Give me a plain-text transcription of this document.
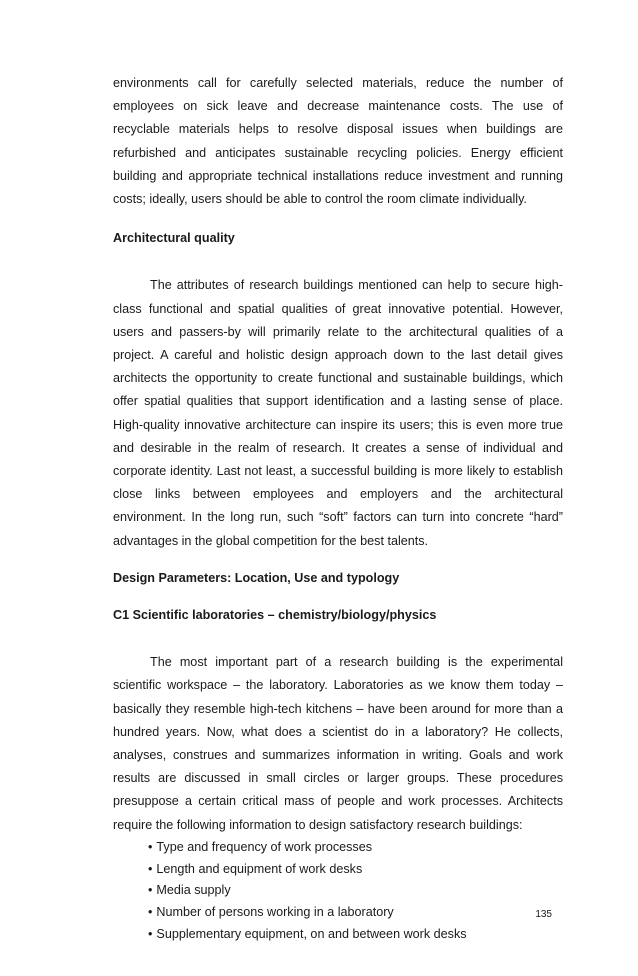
environments call for carefully selected materials, reduce the number of employees on sick leave and decrease maintenance costs. The use of recyclable materials helps to resolve disposal issues when buildings are refurbished and anticipates sustainable recycling policies. Energy efficient building and appropriate technical installations reduce investment and running costs; ideally, users should be able to control the room climate individually.

Architectural quality

The attributes of research buildings mentioned can help to secure high-class functional and spatial qualities of great innovative potential. However, users and passers-by will primarily relate to the architectural qualities of a project. A careful and holistic design approach down to the last detail gives architects the opportunity to create functional and sustainable buildings, which offer spatial qualities that support identification and a lasting sense of place. High-quality innovative architecture can inspire its users; this is even more true and desirable in the realm of research. It creates a sense of individual and corporate identity. Last not least, a successful building is more likely to establish close links between employees and employers and the architectural environment. In the long run, such “soft” factors can turn into concrete “hard” advantages in the global competition for the best talents.

Design Parameters: Location, Use and typology

C1 Scientific laboratories – chemistry/biology/physics

The most important part of a research building is the experimental scientific workspace – the laboratory. Laboratories as we know them today – basically they resemble high-tech kitchens – have been around for more than a hundred years. Now, what does a scientist do in a laboratory? He collects, analyses, construes and summarizes information in writing. Goals and work results are discussed in small circles or larger groups. These procedures presuppose a certain critical mass of people and work processes. Architects require the following information to design satisfactory research buildings:

• Type and frequency of work processes
• Length and equipment of work desks
• Media supply
• Number of persons working in a laboratory
• Supplementary equipment, on and between work desks
135
